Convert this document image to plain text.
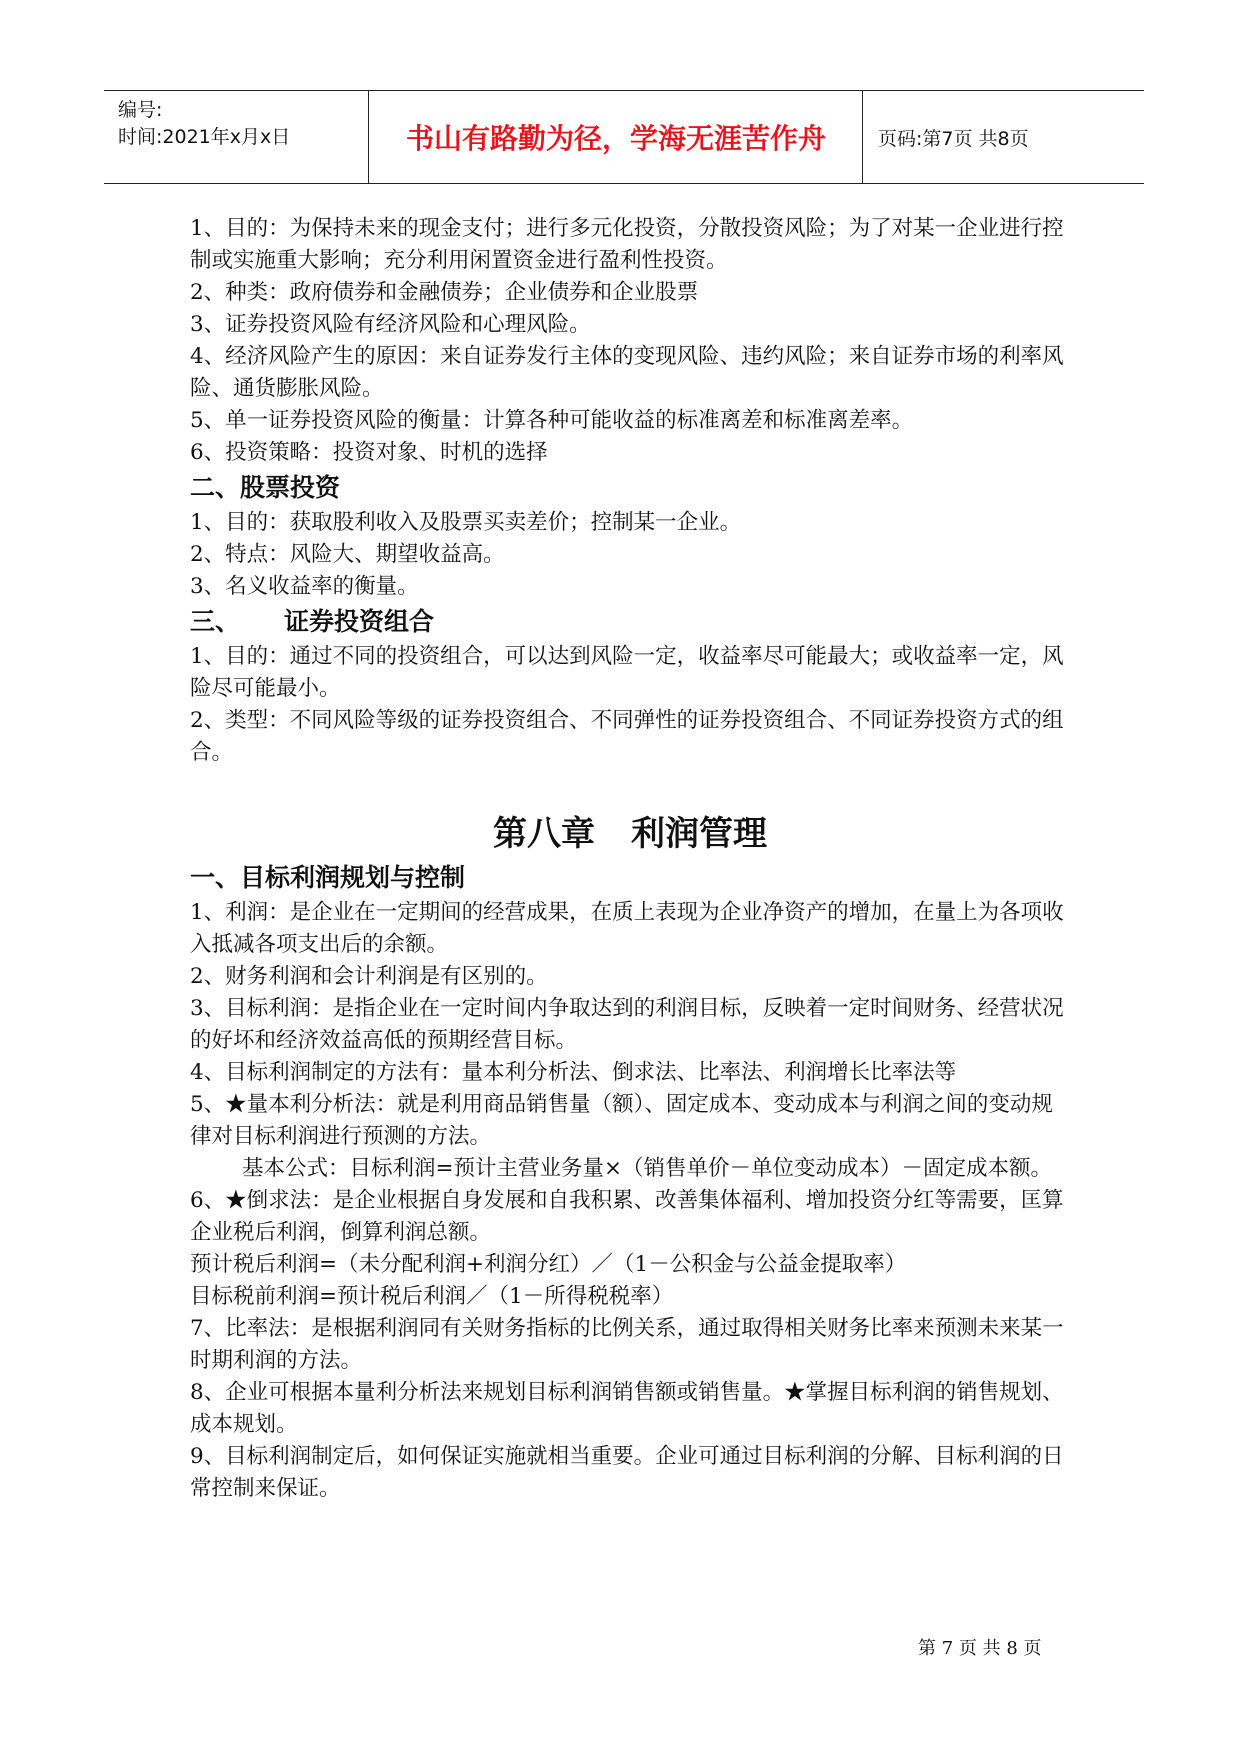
编号:
时间:2021年x月x日	书山有路勤为径，学海无涯苦作舟	页码:第7页 共8页

1、目的：为保持未来的现金支付；进行多元化投资，分散投资风险；为了对某一企业进行控制或实施重大影响；充分利用闲置资金进行盈利性投资。

2、种类：政府债券和金融债券；企业债券和企业股票

3、证券投资风险有经济风险和心理风险。

4、经济风险产生的原因：来自证券发行主体的变现风险、违约风险；来自证券市场的利率风险、通货膨胀风险。

5、单一证券投资风险的衡量：计算各种可能收益的标准离差和标准离差率。

6、投资策略：投资对象、时机的选择

二、股票投资

1、目的：获取股利收入及股票买卖差价；控制某一企业。

2、特点：风险大、期望收益高。

3、名义收益率的衡量。

三、 证券投资组合

1、目的：通过不同的投资组合，可以达到风险一定，收益率尽可能最大；或收益率一定，风险尽可能最小。

2、类型：不同风险等级的证券投资组合、不同弹性的证券投资组合、不同证券投资方式的组合。

第八章 利润管理
一、目标利润规划与控制

1、利润：是企业在一定期间的经营成果，在质上表现为企业净资产的增加，在量上为各项收入抵减各项支出后的余额。

2、财务利润和会计利润是有区别的。

3、目标利润：是指企业在一定时间内争取达到的利润目标，反映着一定时间财务、经营状况的好坏和经济效益高低的预期经营目标。

4、目标利润制定的方法有：量本利分析法、倒求法、比率法、利润增长比率法等

5、★量本利分析法：就是利用商品销售量（额）、固定成本、变动成本与利润之间的变动规律对目标利润进行预测的方法。

基本公式：目标利润=预计主营业务量×（销售单价－单位变动成本）－固定成本额。

6、★倒求法：是企业根据自身发展和自我积累、改善集体福利、增加投资分红等需要，匡算企业税后利润，倒算利润总额。

预计税后利润=（未分配利润+利润分红）／（1－公积金与公益金提取率）

目标税前利润=预计税后利润／（1－所得税税率）

7、比率法：是根据利润同有关财务指标的比例关系，通过取得相关财务比率来预测未来某一时期利润的方法。

8、企业可根据本量利分析法来规划目标利润销售额或销售量。★掌握目标利润的销售规划、成本规划。

9、目标利润制定后，如何保证实施就相当重要。企业可通过目标利润的分解、目标利润的日常控制来保证。

第 7 页 共 8 页
